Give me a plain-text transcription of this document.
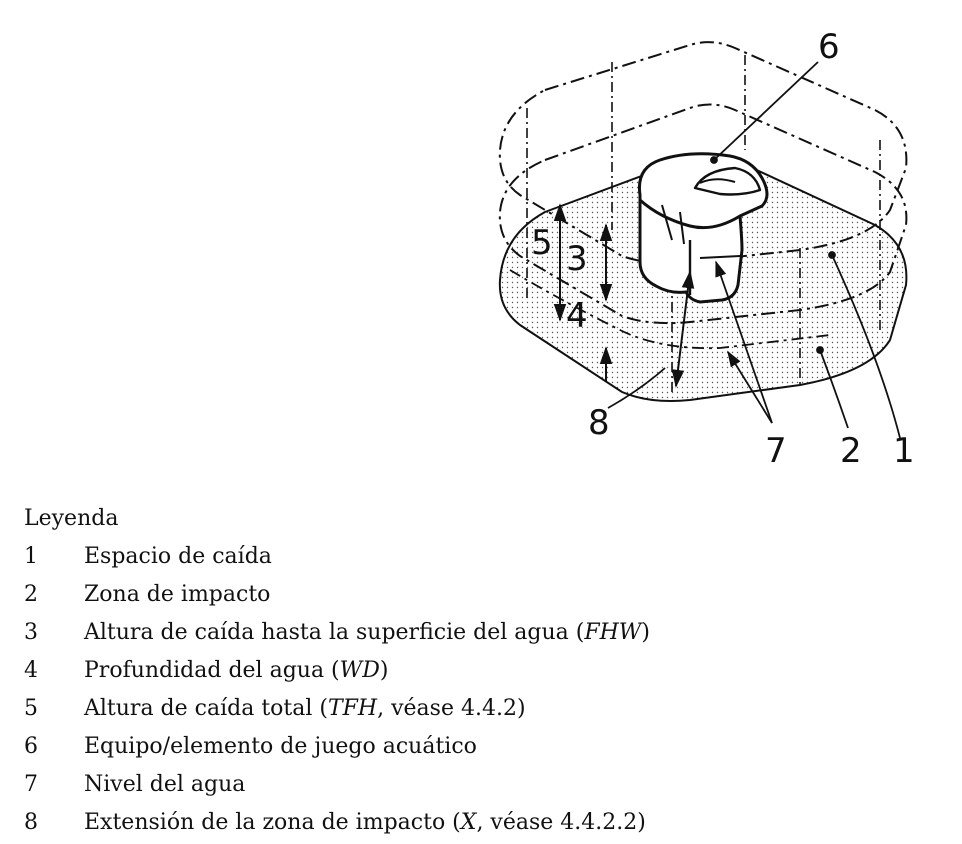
1
2
3
4
5
6
7
8
Leyenda
1	Espacio de caída
2	Zona de impacto
3	Altura de caída hasta la superficie del agua (FHW)
4	Profundidad del agua (WD)
5	Altura de caída total (TFH, véase 4.4.2)
6	Equipo/elemento de juego acuático
7	Nivel del agua
8	Extensión de la zona de impacto (X, véase 4.4.2.2)
